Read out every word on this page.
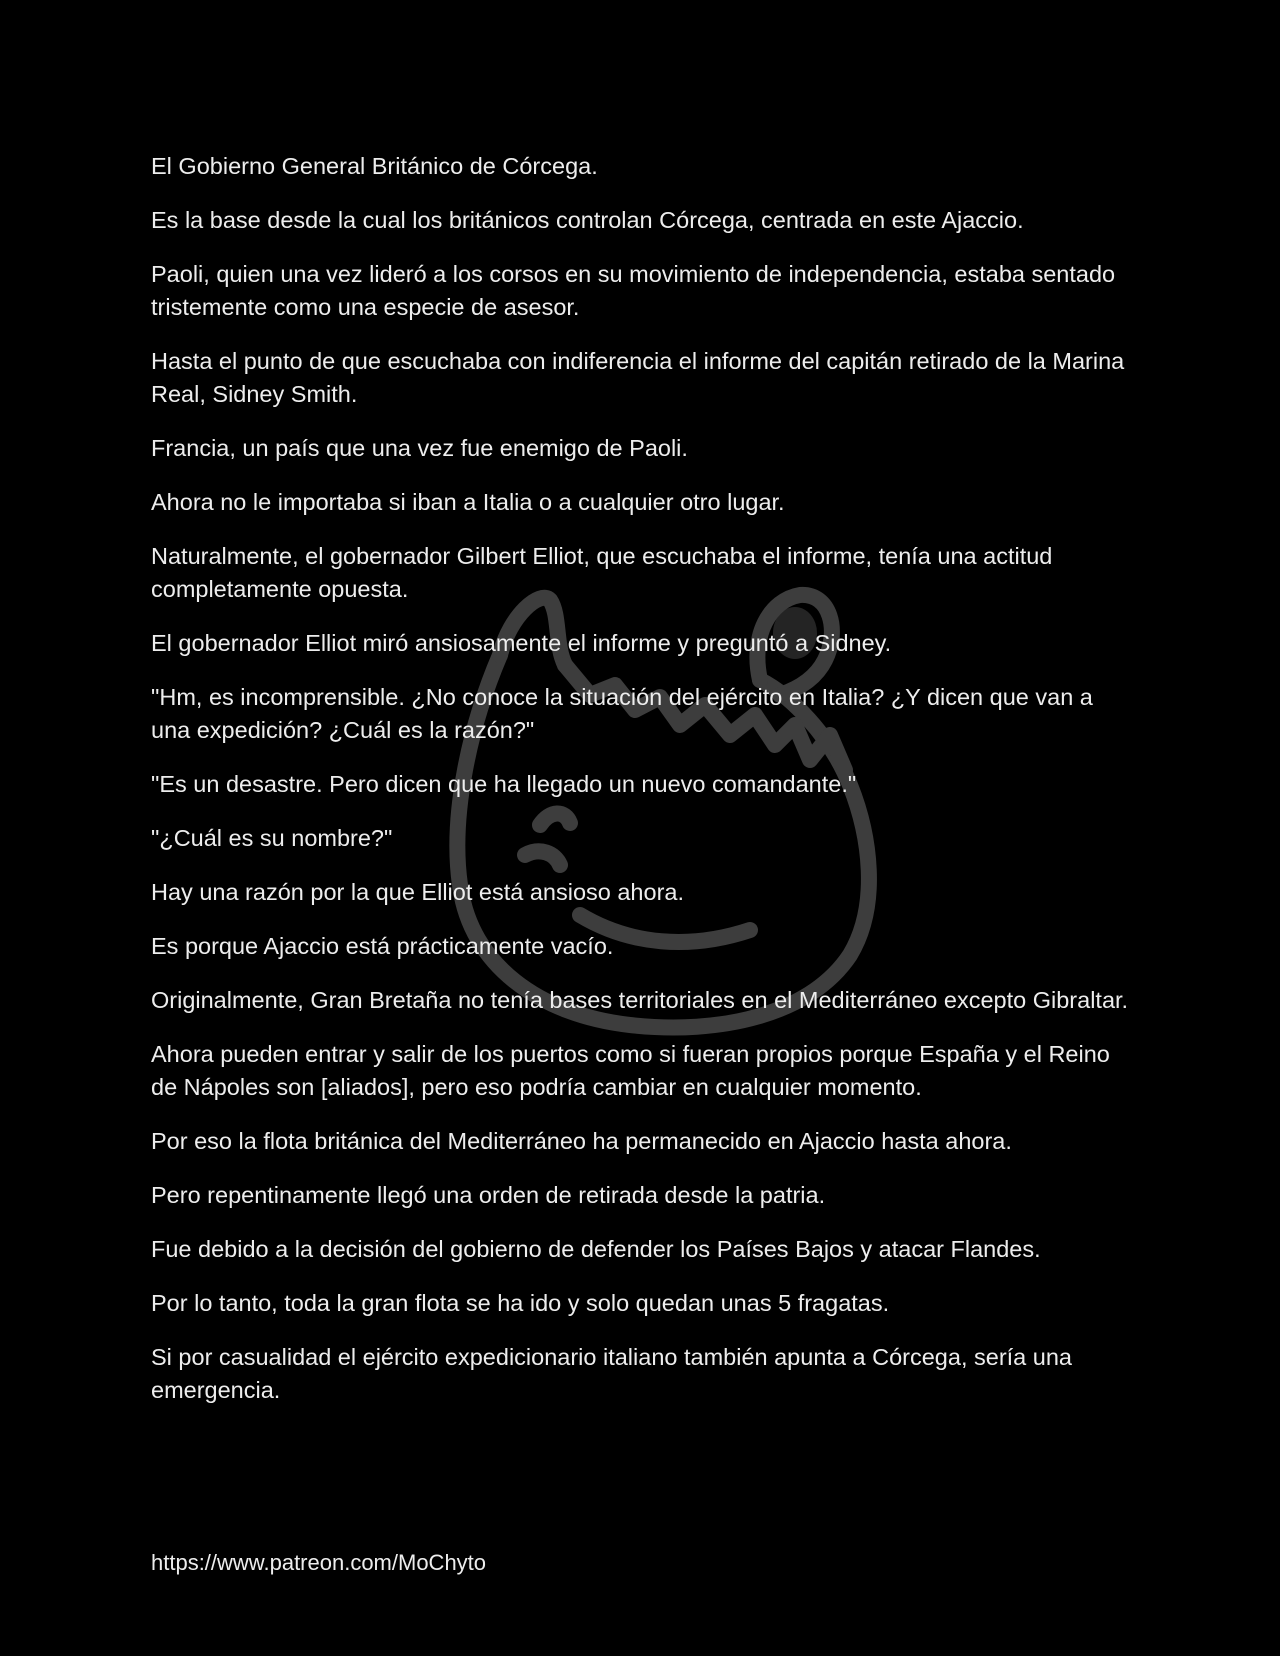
El Gobierno General Británico de Córcega.

Es la base desde la cual los británicos controlan Córcega, centrada en este Ajaccio.

Paoli, quien una vez lideró a los corsos en su movimiento de independencia, estaba sentado tristemente como una especie de asesor.

Hasta el punto de que escuchaba con indiferencia el informe del capitán retirado de la Marina Real, Sidney Smith.

Francia, un país que una vez fue enemigo de Paoli.

Ahora no le importaba si iban a Italia o a cualquier otro lugar.

Naturalmente, el gobernador Gilbert Elliot, que escuchaba el informe, tenía una actitud completamente opuesta.

El gobernador Elliot miró ansiosamente el informe y preguntó a Sidney.

"Hm, es incomprensible. ¿No conoce la situación del ejército en Italia? ¿Y dicen que van a una expedición? ¿Cuál es la razón?"

"Es un desastre. Pero dicen que ha llegado un nuevo comandante."

"¿Cuál es su nombre?"

Hay una razón por la que Elliot está ansioso ahora.

Es porque Ajaccio está prácticamente vacío.

Originalmente, Gran Bretaña no tenía bases territoriales en el Mediterráneo excepto Gibraltar.

Ahora pueden entrar y salir de los puertos como si fueran propios porque España y el Reino de Nápoles son [aliados], pero eso podría cambiar en cualquier momento.

Por eso la flota británica del Mediterráneo ha permanecido en Ajaccio hasta ahora.

Pero repentinamente llegó una orden de retirada desde la patria.

Fue debido a la decisión del gobierno de defender los Países Bajos y atacar Flandes.

Por lo tanto, toda la gran flota se ha ido y solo quedan unas 5 fragatas.

Si por casualidad el ejército expedicionario italiano también apunta a Córcega, sería una emergencia.

https://www.patreon.com/MoChyto
